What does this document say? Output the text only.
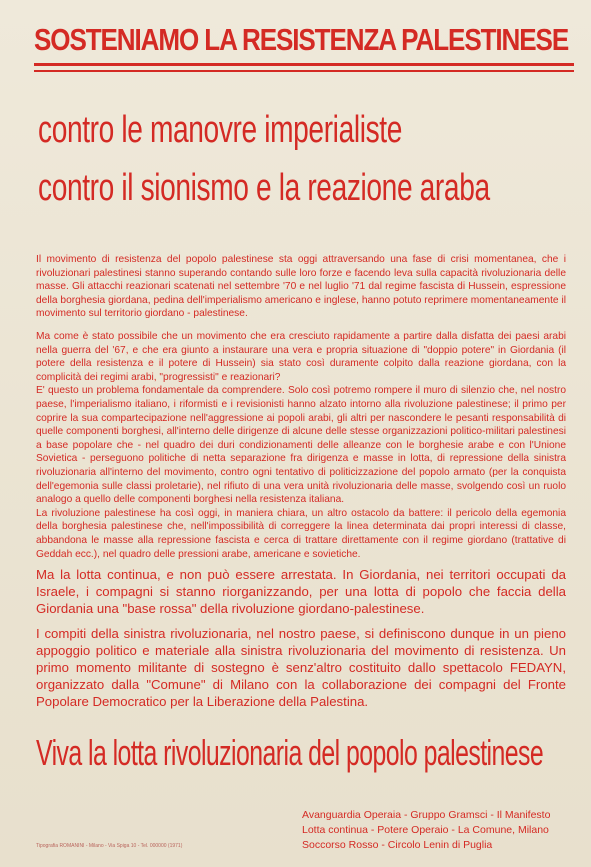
SOSTENIAMO LA RESISTENZA PALESTINESE
contro le manovre imperialiste
contro il sionismo e la reazione araba

Il movimento di resistenza del popolo palestinese sta oggi attraversando una fase di crisi momentanea, che i rivoluzionari palestinesi stanno superando contando sulle loro forze e facendo leva sulla capacità rivoluzionaria delle masse. Gli attacchi reazionari scatenati nel settembre '70 e nel luglio '71 dal regime fascista di Hussein, espressione della borghesia giordana, pedina dell'imperialismo americano e inglese, hanno potuto reprimere momentaneamente il movimento sul territorio giordano - palestinese.

Ma come è stato possibile che un movimento che era cresciuto rapidamente a partire dalla disfatta dei paesi arabi nella guerra del '67, e che era giunto a instaurare una vera e propria situazione di "doppio potere" in Giordania (il potere della resistenza e il potere di Hussein) sia stato così duramente colpito dalla reazione giordana, con la complicità dei regimi arabi, "progressisti" e reazionari?

E' questo un problema fondamentale da comprendere. Solo così potremo rompere il muro di silenzio che, nel nostro paese, l'imperialismo italiano, i riformisti e i revisionisti hanno alzato intorno alla rivoluzione palestinese; il primo per coprire la sua compartecipazione nell'aggressione ai popoli arabi, gli altri per nascondere le pesanti responsabilità di quelle componenti borghesi, all'interno delle dirigenze di alcune delle stesse organizzazioni politico-militari palestinesi a base popolare che - nel quadro dei duri condizionamenti delle alleanze con le borghesie arabe e con l'Unione Sovietica - perseguono politiche di netta separazione fra dirigenza e masse in lotta, di repressione della sinistra rivoluzionaria all'interno del movimento, contro ogni tentativo di politicizzazione del popolo armato (per la conquista dell'egemonia sulle classi proletarie), nel rifiuto di una vera unità rivoluzionaria delle masse, svolgendo così un ruolo analogo a quello delle componenti borghesi nella resistenza italiana.

La rivoluzione palestinese ha così oggi, in maniera chiara, un altro ostacolo da battere: il pericolo della egemonia della borghesia palestinese che, nell'impossibilità di correggere la linea determinata dai propri interessi di classe, abbandona le masse alla repressione fascista e cerca di trattare direttamente con il regime giordano (trattative di Geddah ecc.), nel quadro delle pressioni arabe, americane e sovietiche.

Ma la lotta continua, e non può essere arrestata. In Giordania, nei territori occupati da Israele, i compagni si stanno riorganizzando, per una lotta di popolo che faccia della Giordania una "base rossa" della rivoluzione giordano-palestinese.

I compiti della sinistra rivoluzionaria, nel nostro paese, si definiscono dunque in un pieno appoggio politico e materiale alla sinistra rivoluzionaria del movimento di resistenza. Un primo momento militante di sostegno è senz'altro costituito dallo spettacolo FEDAYN, organizzato dalla "Comune" di Milano con la collaborazione dei compagni del Fronte Popolare Democratico per la Liberazione della Palestina.

Viva la lotta rivoluzionaria del popolo palestinese
Avanguardia Operaia - Gruppo Gramsci - Il Manifesto
Lotta continua - Potere Operaio - La Comune, Milano
Soccorso Rosso - Circolo Lenin di Puglia
Tipografia ROMANINI - Milano - Via Spiga 10 - Tel. 000000 (1971)
